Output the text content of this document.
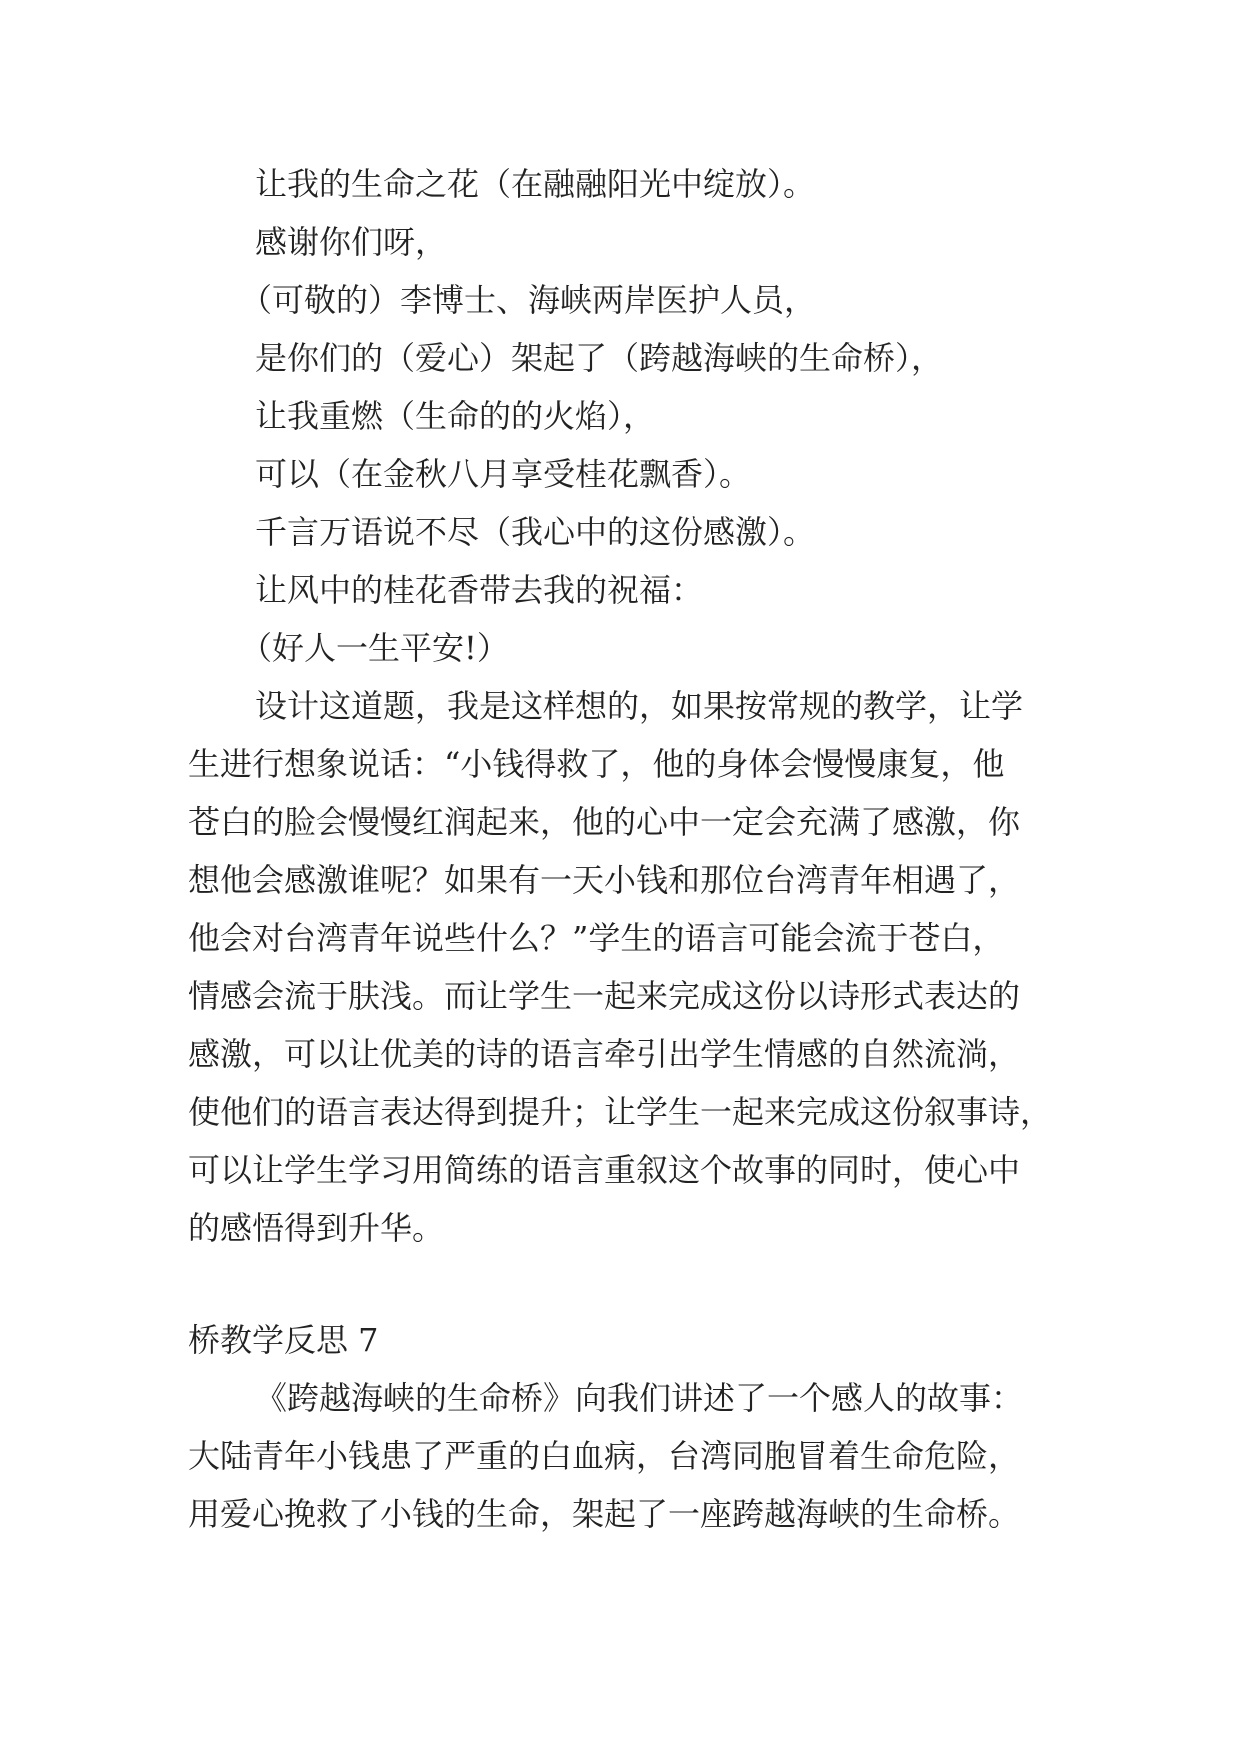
让我的生命之花（在融融阳光中绽放）。
感谢你们呀，
（可敬的）李博士、海峡两岸医护人员，
是你们的（爱心）架起了（跨越海峡的生命桥），
让我重燃（生命的的火焰），
可以（在金秋八月享受桂花飘香）。
千言万语说不尽（我心中的这份感激）。
让风中的桂花香带去我的祝福：
（好人一生平安!）
设计这道题，我是这样想的，如果按常规的教学，让学
生进行想象说话：“小钱得救了，他的身体会慢慢康复，他
苍白的脸会慢慢红润起来，他的心中一定会充满了感激，你
想他会感激谁呢？如果有一天小钱和那位台湾青年相遇了，
他会对台湾青年说些什么？”学生的语言可能会流于苍白，
情感会流于肤浅。而让学生一起来完成这份以诗形式表达的
感激，可以让优美的诗的语言牵引出学生情感的自然流淌，
使他们的语言表达得到提升；让学生一起来完成这份叙事诗，
可以让学生学习用简练的语言重叙这个故事的同时，使心中
的感悟得到升华。
桥教学反思 7
《跨越海峡的生命桥》向我们讲述了一个感人的故事：
大陆青年小钱患了严重的白血病，台湾同胞冒着生命危险，
用爱心挽救了小钱的生命，架起了一座跨越海峡的生命桥。
